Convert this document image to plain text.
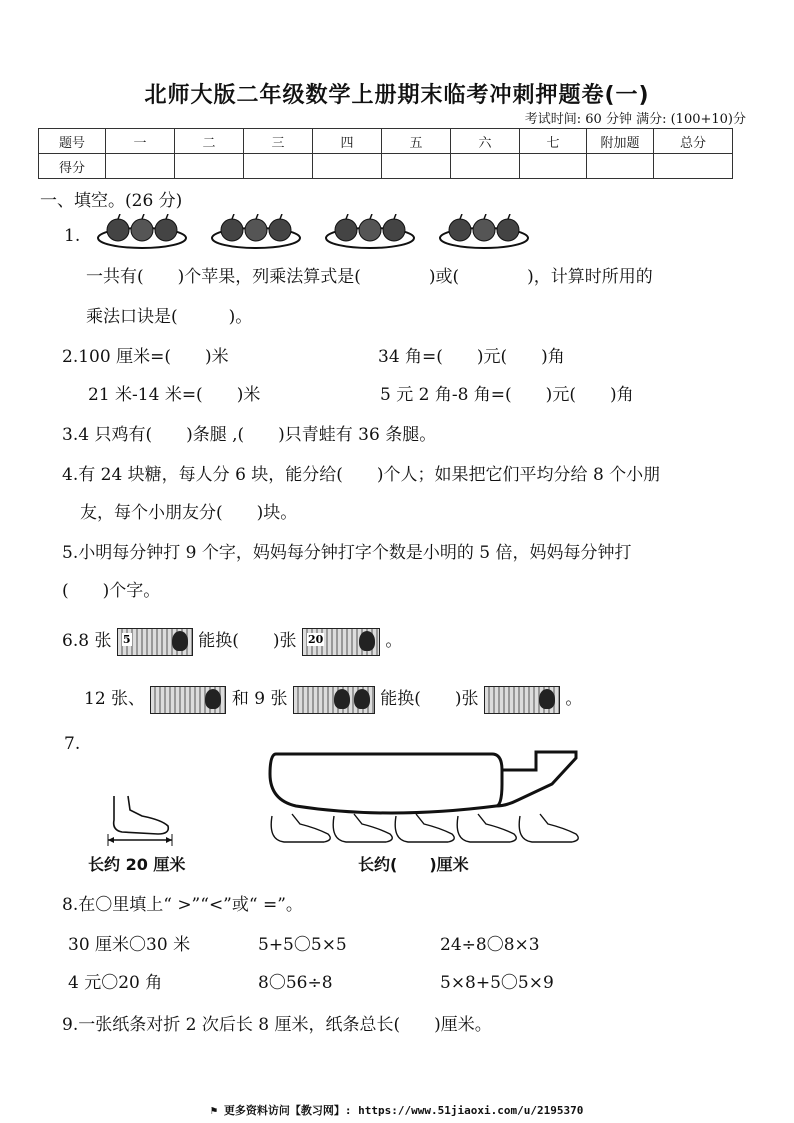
北师大版二年级数学上册期末临考冲刺押题卷(一)
考试时间: 60 分钟 满分: (100+10)分
题号	一	二	三	四	五	六	七	附加题	总分
得分									
一、填空。(26 分)
1.
一共有(　　)个苹果，列乘法算式是(　　　　)或(　　　　)，计算时所用的
乘法口诀是(　　　)。
2.100 厘米=(　　)米	34 角=(　　)元(　　)角
21 米-14 米=(　　)米	5 元 2 角-8 角=(　　)元(　　)角
3.4 只鸡有(　　)条腿 ,(　　)只青蛙有 36 条腿。
4.有 24 块糖，每人分 6 块，能分给(　　)个人；如果把它们平均分给 8 个小朋
友，每个小朋友分(　　)块。
5.小明每分钟打 9 个字，妈妈每分钟打字个数是小明的 5 倍，妈妈每分钟打
(　　)个字。
6.8 张 5	能换(　　)张 20	。
12 张、	和 9 张	能换(　　)张	。
7.
长约 20 厘米	长约(　　)厘米
8.在〇里填上“ >”“<”或“ =”。
30 厘米〇30 米	5+5〇5×5	24÷8〇8×3
4 元〇20 角	8〇56÷8	5×8+5〇5×9
9.一张纸条对折 2 次后长 8 厘米，纸条总长(　　)厘米。
⚑ 更多资料访问【教习网】: https://www.51jiaoxi.com/u/2195370
